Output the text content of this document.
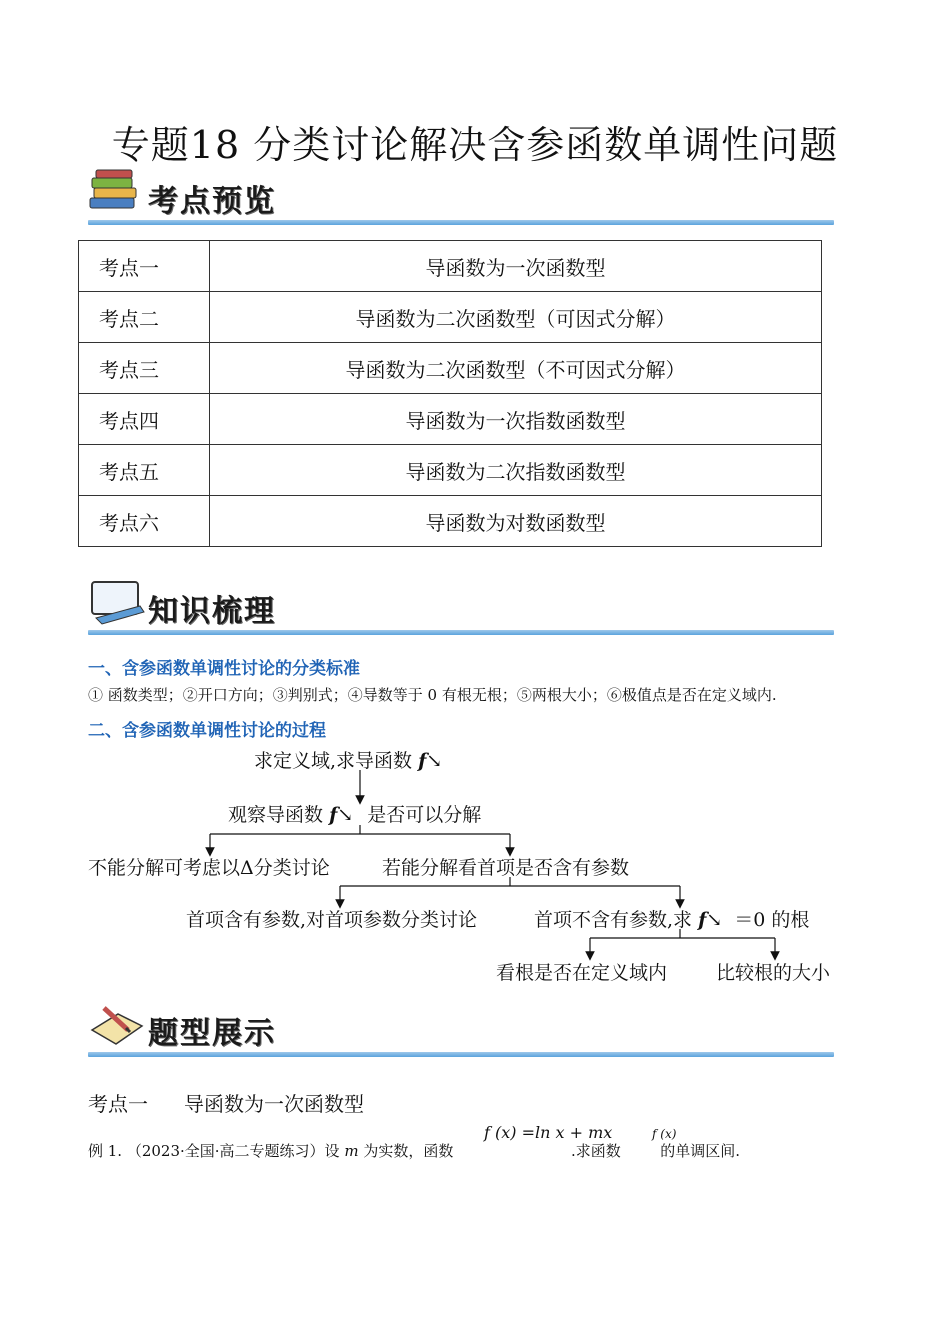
专题18 分类讨论解决含参函数单调性问题
考点预览
考点一	导函数为一次函数型
考点二	导函数为二次函数型（可因式分解）
考点三	导函数为二次函数型（不可因式分解）
考点四	导函数为一次指数函数型
考点五	导函数为二次指数函数型
考点六	导函数为对数函数型
知识梳理
一、含参函数单调性讨论的分类标准
① 函数类型；②开口方向；③判别式；④导数等于 0 有根无根；⑤两根大小；⑥极值点是否在定义域内.
二、含参函数单调性讨论的过程
求定义域,求导函数 f↘
观察导函数 f↘ 是否可以分解
不能分解可考虑以Δ分类讨论	若能分解看首项是否含有参数
首项含有参数,对首项参数分类讨论	首项不含有参数,求 f↘ ＝0 的根
看根是否在定义域内	比较根的大小
题型展示
考点一 导函数为一次函数型
例 1. （2023·全国·高二专题练习）设 m 为实数，函数	.求函数	的单调区间.
f (x) =ln x + mx	f (x)
